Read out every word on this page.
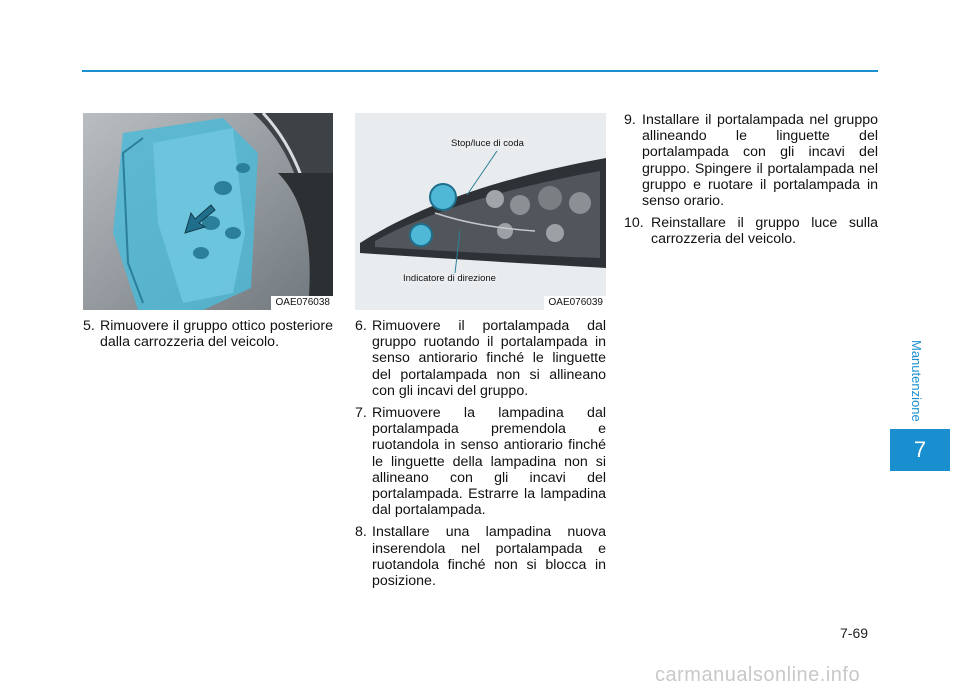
OAE076038
Stop/luce di coda
Indicatore di direzione
OAE076039
5. Rimuovere il gruppo ottico posteriore dalla carrozzeria del veicolo.
6. Rimuovere il portalampada dal gruppo ruotando il portalampada in senso antiorario finché le linguette del portalampada non si allineano con gli incavi del gruppo.
7. Rimuovere la lampadina dal portalampada premendola e ruotandola in senso antiorario finché le linguette della lampadina non si allineano con gli incavi del portalampada. Estrarre la lampadina dal portalampada.
8. Installare una lampadina nuova inserendola nel portalampada e ruotandola finché non si blocca in posizione.
9. Installare il portalampada nel gruppo allineando le linguette del portalampada con gli incavi del gruppo. Spingere il portalampada nel gruppo e ruotare il portalampada in senso orario.
10. Reinstallare il gruppo luce sulla carrozzeria del veicolo.
Manutenzione
7
7-69
carmanualsonline.info
